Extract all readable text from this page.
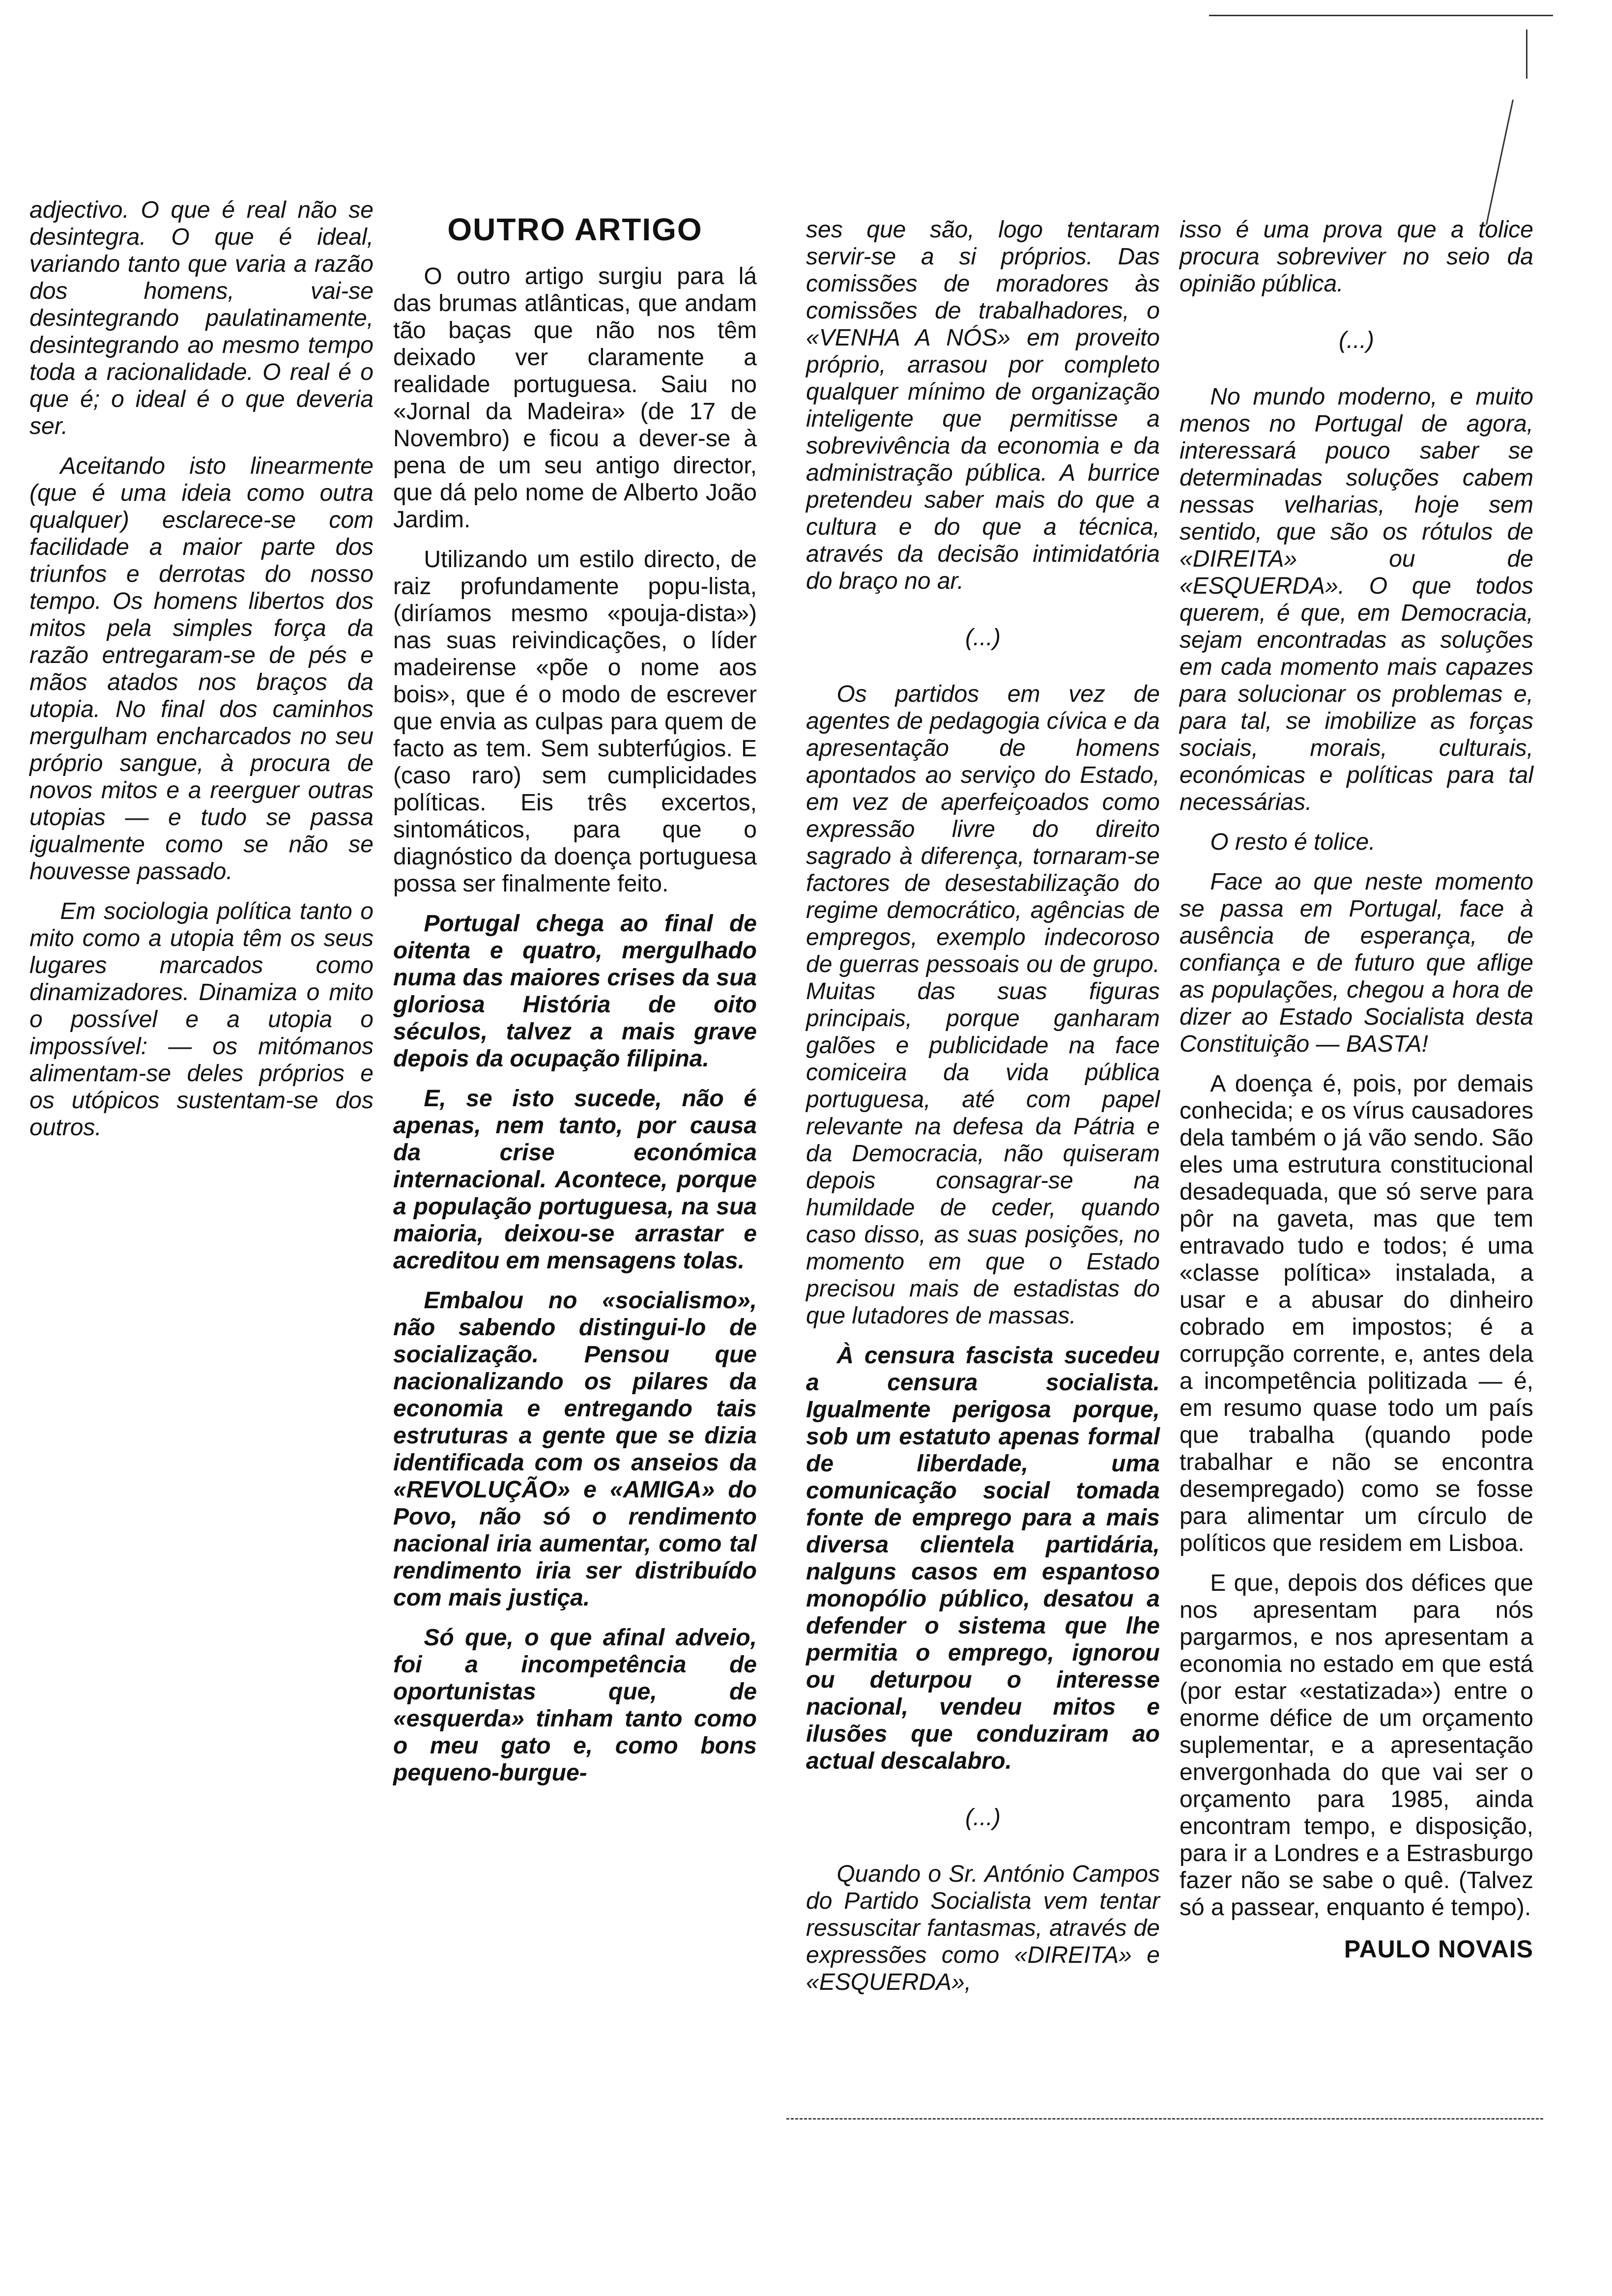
adjectivo. O que é real não se desintegra. O que é ideal, variando tanto que varia a razão dos homens, vai-se desintegrando paulatinamente, desintegrando ao mesmo tempo toda a racionalidade. O real é o que é; o ideal é o que deveria ser.

Aceitando isto linearmente (que é uma ideia como outra qualquer) esclarece-se com facilidade a maior parte dos triunfos e derrotas do nosso tempo. Os homens libertos dos mitos pela simples força da razão entregaram-se de pés e mãos atados nos braços da utopia. No final dos caminhos mergulham encharcados no seu próprio sangue, à procura de novos mitos e a reerguer outras utopias — e tudo se passa igualmente como se não se houvesse passado.

Em sociologia política tanto o mito como a utopia têm os seus lugares marcados como dinamizadores. Dinamiza o mito o possível e a utopia o impossível: — os mitómanos alimentam-se deles próprios e os utópicos sustentam-se dos outros.

OUTRO ARTIGO

O outro artigo surgiu para lá das brumas atlânticas, que andam tão baças que não nos têm deixado ver claramente a realidade portuguesa. Saiu no «Jornal da Madeira» (de 17 de Novembro) e ficou a dever-se à pena de um seu antigo director, que dá pelo nome de Alberto João Jardim.

Utilizando um estilo directo, de raiz profundamente popu-lista, (diríamos mesmo «pouja-dista») nas suas reivindicações, o líder madeirense «põe o nome aos bois», que é o modo de escrever que envia as culpas para quem de facto as tem. Sem subterfúgios. E (caso raro) sem cumplicidades políticas. Eis três excertos, sintomáticos, para que o diagnóstico da doença portuguesa possa ser finalmente feito.

Portugal chega ao final de oitenta e quatro, mergulhado numa das maiores crises da sua gloriosa História de oito séculos, talvez a mais grave depois da ocupação filipina.

E, se isto sucede, não é apenas, nem tanto, por causa da crise económica internacional. Acontece, porque a população portuguesa, na sua maioria, deixou-se arrastar e acreditou em mensagens tolas.

Embalou no «socialismo», não sabendo distingui-lo de socialização. Pensou que nacionalizando os pilares da economia e entregando tais estruturas a gente que se dizia identificada com os anseios da «REVOLUÇÃO» e «AMIGA» do Povo, não só o rendimento nacional iria aumentar, como tal rendimento iria ser distribuído com mais justiça.

Só que, o que afinal adveio, foi a incompetência de oportunistas que, de «esquerda» tinham tanto como o meu gato e, como bons pequeno-burgue-

ses que são, logo tentaram servir-se a si próprios. Das comissões de moradores às comissões de trabalhadores, o «VENHA A NÓS» em proveito próprio, arrasou por completo qualquer mínimo de organização inteligente que permitisse a sobrevivência da economia e da administração pública. A burrice pretendeu saber mais do que a cultura e do que a técnica, através da decisão intimidatória do braço no ar.

(...)

Os partidos em vez de agentes de pedagogia cívica e da apresentação de homens apontados ao serviço do Estado, em vez de aperfeiçoados como expressão livre do direito sagrado à diferença, tornaram-se factores de desestabilização do regime democrático, agências de empregos, exemplo indecoroso de guerras pessoais ou de grupo. Muitas das suas figuras principais, porque ganharam galões e publicidade na face comiceira da vida pública portuguesa, até com papel relevante na defesa da Pátria e da Democracia, não quiseram depois consagrar-se na humildade de ceder, quando caso disso, as suas posições, no momento em que o Estado precisou mais de estadistas do que lutadores de massas.

À censura fascista sucedeu a censura socialista. Igualmente perigosa porque, sob um estatuto apenas formal de liberdade, uma comunicação social tomada fonte de emprego para a mais diversa clientela partidária, nalguns casos em espantoso monopólio público, desatou a defender o sistema que lhe permitia o emprego, ignorou ou deturpou o interesse nacional, vendeu mitos e ilusões que conduziram ao actual descalabro.

(...)

Quando o Sr. António Campos do Partido Socialista vem tentar ressuscitar fantasmas, através de expressões como «DIREITA» e «ESQUERDA»,

isso é uma prova que a tolice procura sobreviver no seio da opinião pública.

(...)

No mundo moderno, e muito menos no Portugal de agora, interessará pouco saber se determinadas soluções cabem nessas velharias, hoje sem sentido, que são os rótulos de «DIREITA» ou de «ESQUERDA». O que todos querem, é que, em Democracia, sejam encontradas as soluções em cada momento mais capazes para solucionar os problemas e, para tal, se imobilize as forças sociais, morais, culturais, económicas e políticas para tal necessárias.

O resto é tolice.

Face ao que neste momento se passa em Portugal, face à ausência de esperança, de confiança e de futuro que aflige as populações, chegou a hora de dizer ao Estado Socialista desta Constituição — BASTA!

A doença é, pois, por demais conhecida; e os vírus causadores dela também o já vão sendo. São eles uma estrutura constitucional desadequada, que só serve para pôr na gaveta, mas que tem entravado tudo e todos; é uma «classe política» instalada, a usar e a abusar do dinheiro cobrado em impostos; é a corrupção corrente, e, antes dela a incompetência politizada — é, em resumo quase todo um país que trabalha (quando pode trabalhar e não se encontra desempregado) como se fosse para alimentar um círculo de políticos que residem em Lisboa.

E que, depois dos défices que nos apresentam para nós pargarmos, e nos apresentam a economia no estado em que está (por estar «estatizada») entre o enorme défice de um orçamento suplementar, e a apresentação envergonhada do que vai ser o orçamento para 1985, ainda encontram tempo, e disposição, para ir a Londres e a Estrasburgo fazer não se sabe o quê. (Talvez só a passear, enquanto é tempo).

PAULO NOVAIS
